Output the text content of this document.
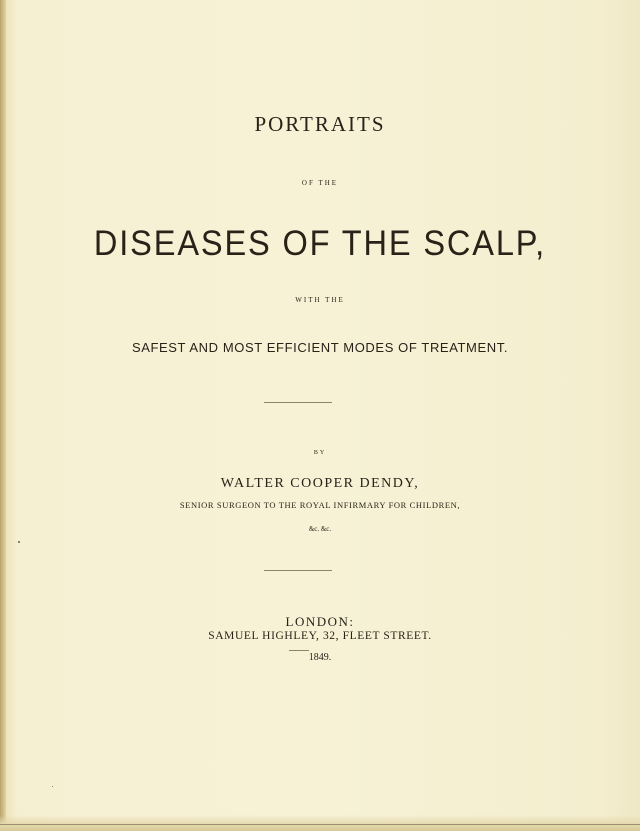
PORTRAITS
OF THE
DISEASES OF THE SCALP,
WITH THE
SAFEST AND MOST EFFICIENT MODES OF TREATMENT.
BY
WALTER COOPER DENDY,
SENIOR SURGEON TO THE ROYAL INFIRMARY FOR CHILDREN,
&c. &c.
LONDON:
SAMUEL HIGHLEY, 32, FLEET STREET.
1849.
